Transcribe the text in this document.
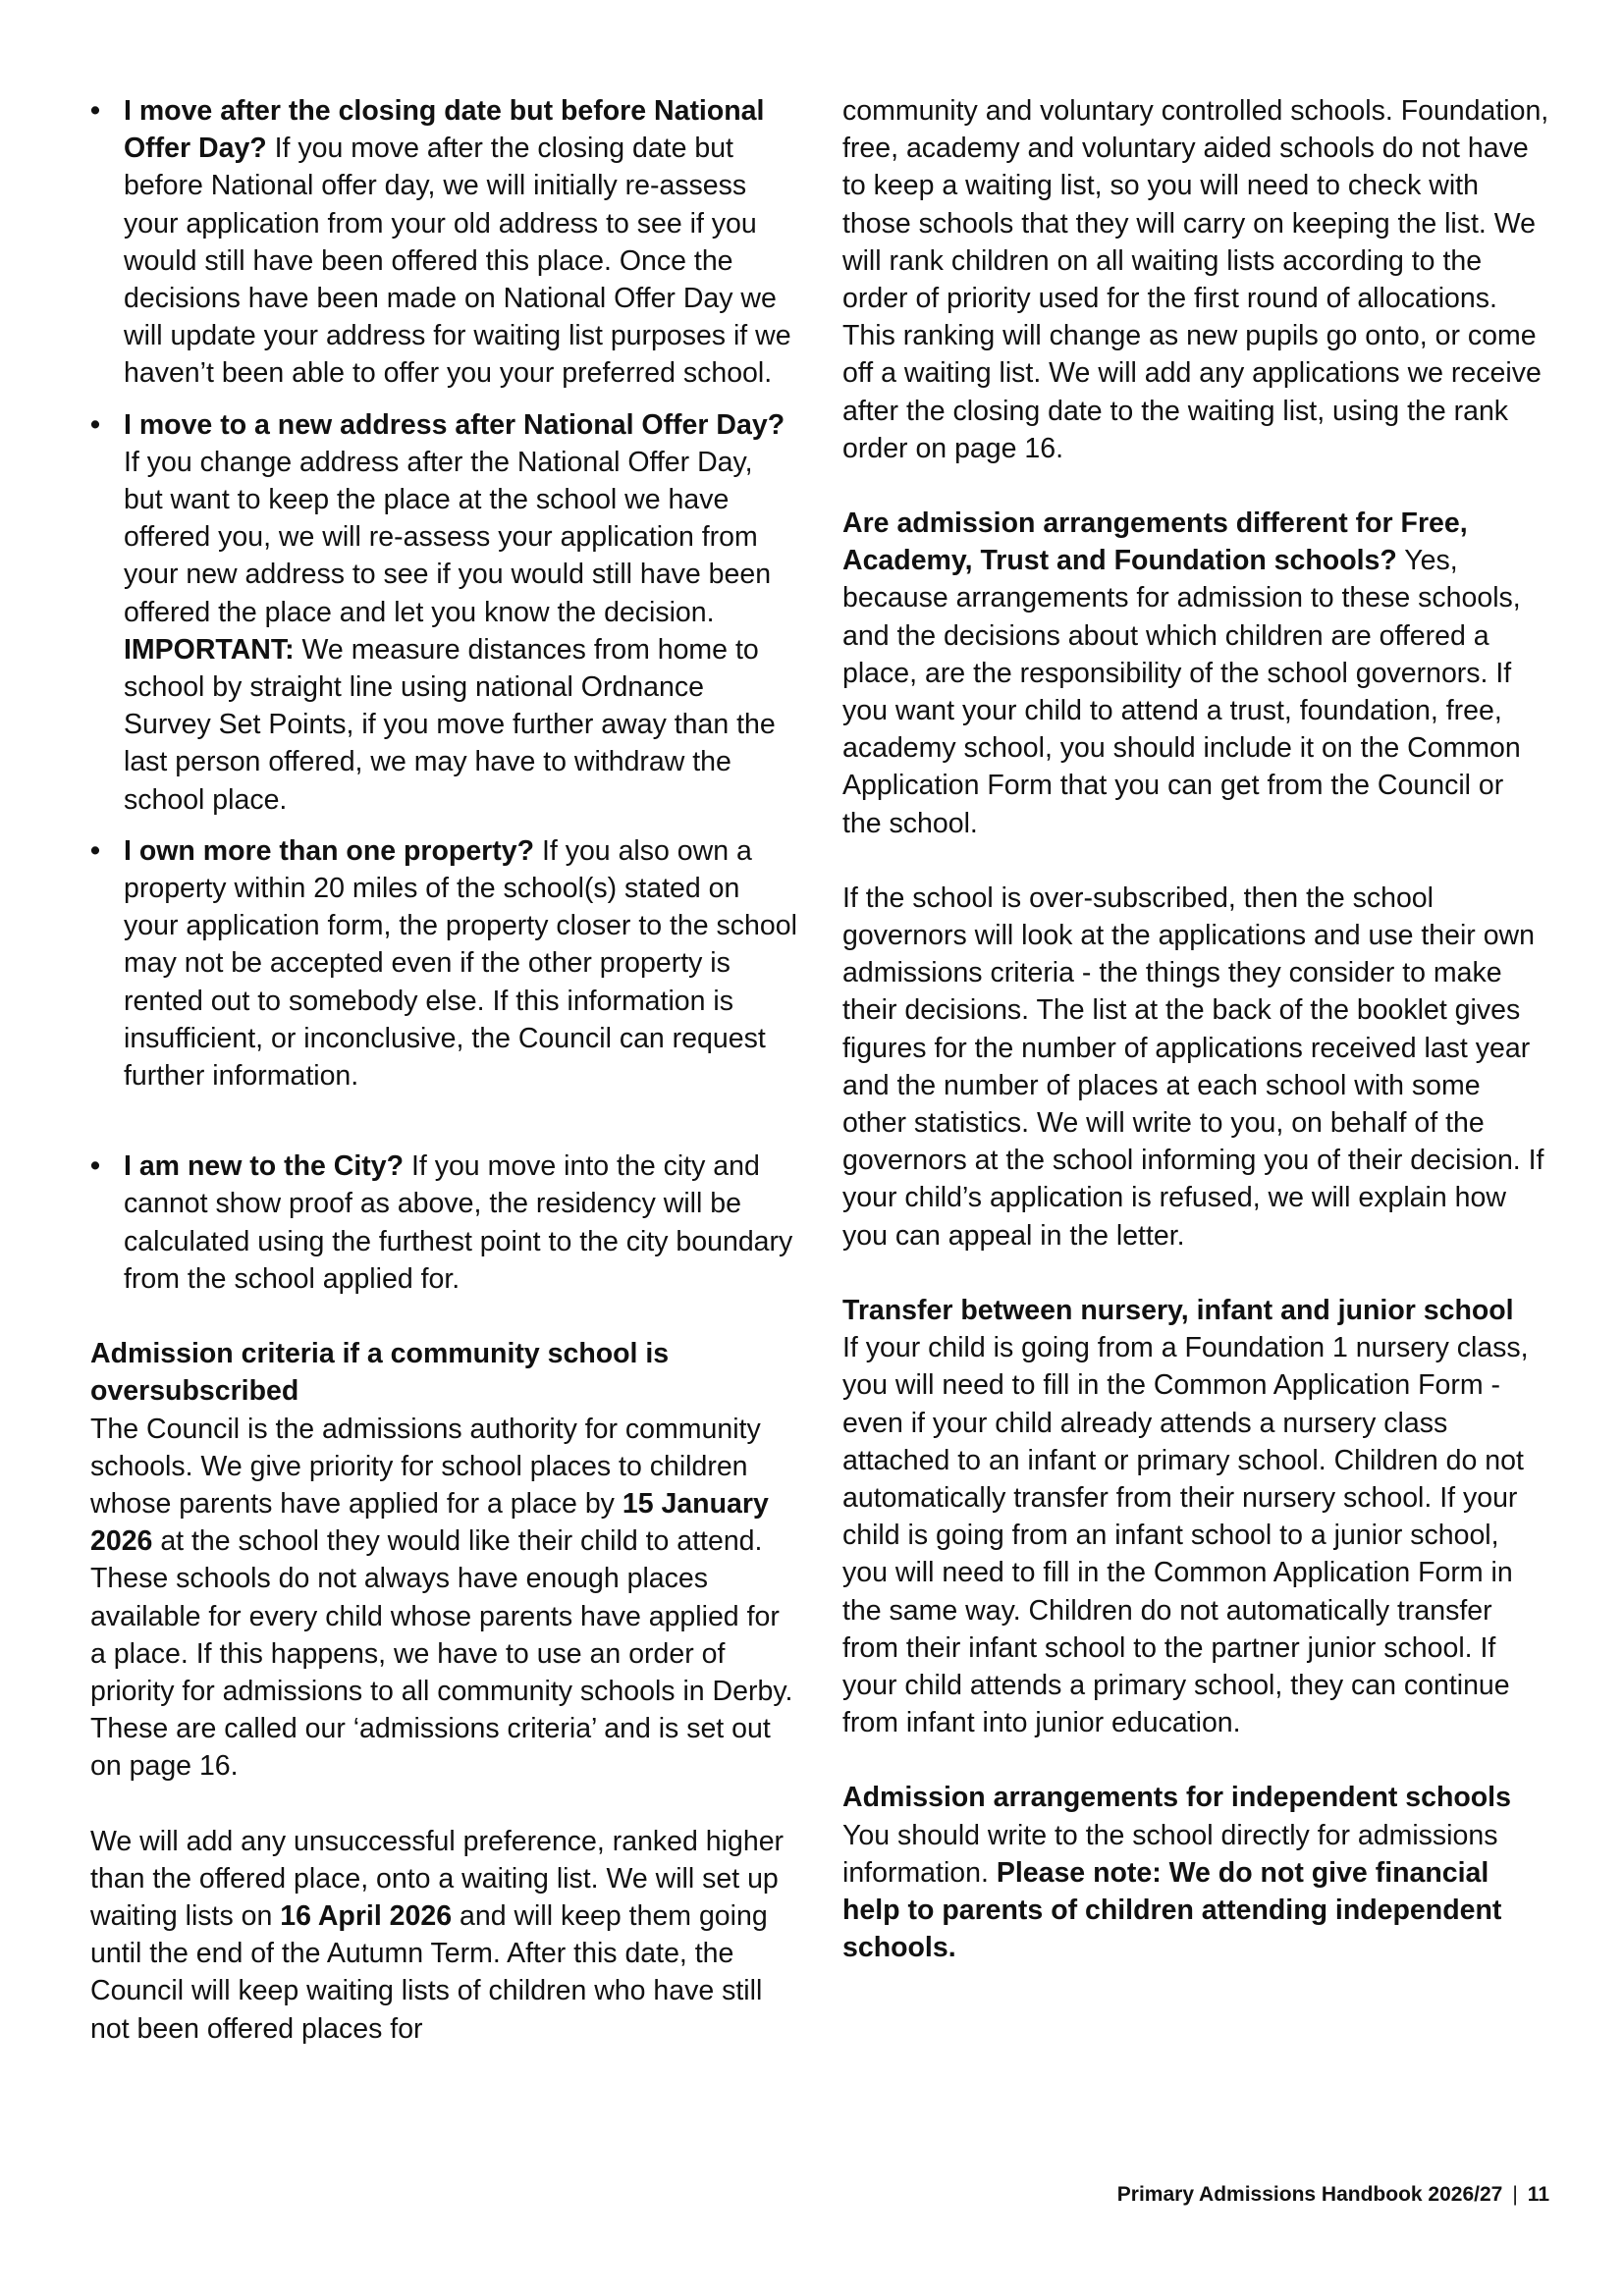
• I move after the closing date but before National Offer Day? If you move after the closing date but before National offer day, we will initially re-assess your application from your old address to see if you would still have been offered this place. Once the decisions have been made on National Offer Day we will update your address for waiting list purposes if we haven’t been able to offer you your preferred school.

• I move to a new address after National Offer Day? If you change address after the National Offer Day, but want to keep the place at the school we have offered you, we will re-assess your application from your new address to see if you would still have been offered the place and let you know the decision.
IMPORTANT: We measure distances from home to school by straight line using national Ordnance Survey Set Points, if you move further away than the last person offered, we may have to withdraw the school place.

• I own more than one property? If you also own a property within 20 miles of the school(s) stated on your application form, the property closer to the school may not be accepted even if the other property is rented out to somebody else. If this information is insufficient, or inconclusive, the Council can request further information.

• I am new to the City? If you move into the city and cannot show proof as above, the residency will be calculated using the furthest point to the city boundary from the school applied for.

Admission criteria if a community school is oversubscribed

The Council is the admissions authority for community schools. We give priority for school places to children whose parents have applied for a place by 15 January 2026 at the school they would like their child to attend. These schools do not always have enough places available for every child whose parents have applied for a place. If this happens, we have to use an order of priority for admissions to all community schools in Derby. These are called our ‘admissions criteria’ and is set out on page 16.

We will add any unsuccessful preference, ranked higher than the offered place, onto a waiting list. We will set up waiting lists on 16 April 2026 and will keep them going until the end of the Autumn Term. After this date, the Council will keep waiting lists of children who have still not been offered places for

community and voluntary controlled schools. Foundation, free, academy and voluntary aided schools do not have to keep a waiting list, so you will need to check with those schools that they will carry on keeping the list. We will rank children on all waiting lists according to the order of priority used for the first round of allocations. This ranking will change as new pupils go onto, or come off a waiting list. We will add any applications we receive after the closing date to the waiting list, using the rank order on page 16.

Are admission arrangements different for Free, Academy, Trust and Foundation schools? Yes, because arrangements for admission to these schools, and the decisions about which children are offered a place, are the responsibility of the school governors. If you want your child to attend a trust, foundation, free, academy school, you should include it on the Common Application Form that you can get from the Council or the school.

If the school is over-subscribed, then the school governors will look at the applications and use their own admissions criteria - the things they consider to make their decisions. The list at the back of the booklet gives figures for the number of applications received last year and the number of places at each school with some other statistics. We will write to you, on behalf of the governors at the school informing you of their decision. If your child’s application is refused, we will explain how you can appeal in the letter.

Transfer between nursery, infant and junior school

If your child is going from a Foundation 1 nursery class, you will need to fill in the Common Application Form - even if your child already attends a nursery class attached to an infant or primary school. Children do not automatically transfer from their nursery school. If your child is going from an infant school to a junior school, you will need to fill in the Common Application Form in the same way. Children do not automatically transfer from their infant school to the partner junior school. If your child attends a primary school, they can continue from infant into junior education.

Admission arrangements for independent schools

You should write to the school directly for admissions information. Please note: We do not give financial help to parents of children attending independent schools.

Primary Admissions Handbook 2026/27 | 11
